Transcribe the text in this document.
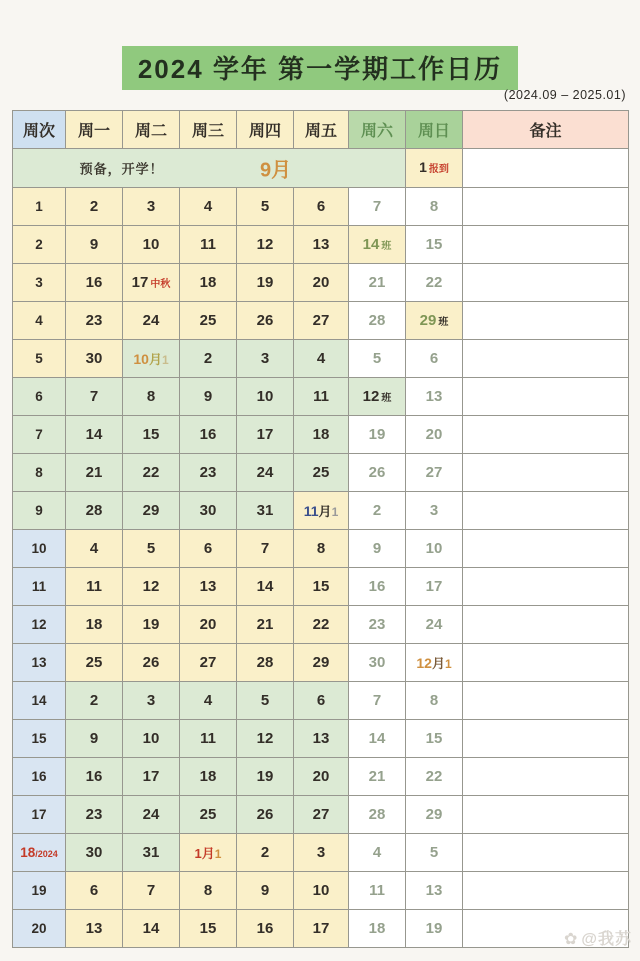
2024 学年 第一学期工作日历
(2024.09 – 2025.01)
周次	周一	周二	周三	周四	周五	周六	周日	备注

预备，开学！ 9月							1 报到	
1	2	3	4	5	6	7	8	
2	9	10	11	12	13	14 班	15	
3	16	17 中秋	18	19	20	21	22	
4	23	24	25	26	27	28	29 班	
5	30	10月1	2	3	4	5	6	
6	7	8	9	10	11	12 班	13	
7	14	15	16	17	18	19	20	
8	21	22	23	24	25	26	27	
9	28	29	30	31	11月1	2	3	
10	4	5	6	7	8	9	10	
11	11	12	13	14	15	16	17	
12	18	19	20	21	22	23	24	
13	25	26	27	28	29	30	12月1	
14	2	3	4	5	6	7	8	
15	9	10	11	12	13	14	15	
16	16	17	18	19	20	21	22	
17	23	24	25	26	27	28	29	
18/2024	30	31	1月1	2	3	4	5	
19	6	7	8	9	10	11	13	
20	13	14	15	16	17	18	19	
✿ @我苏
